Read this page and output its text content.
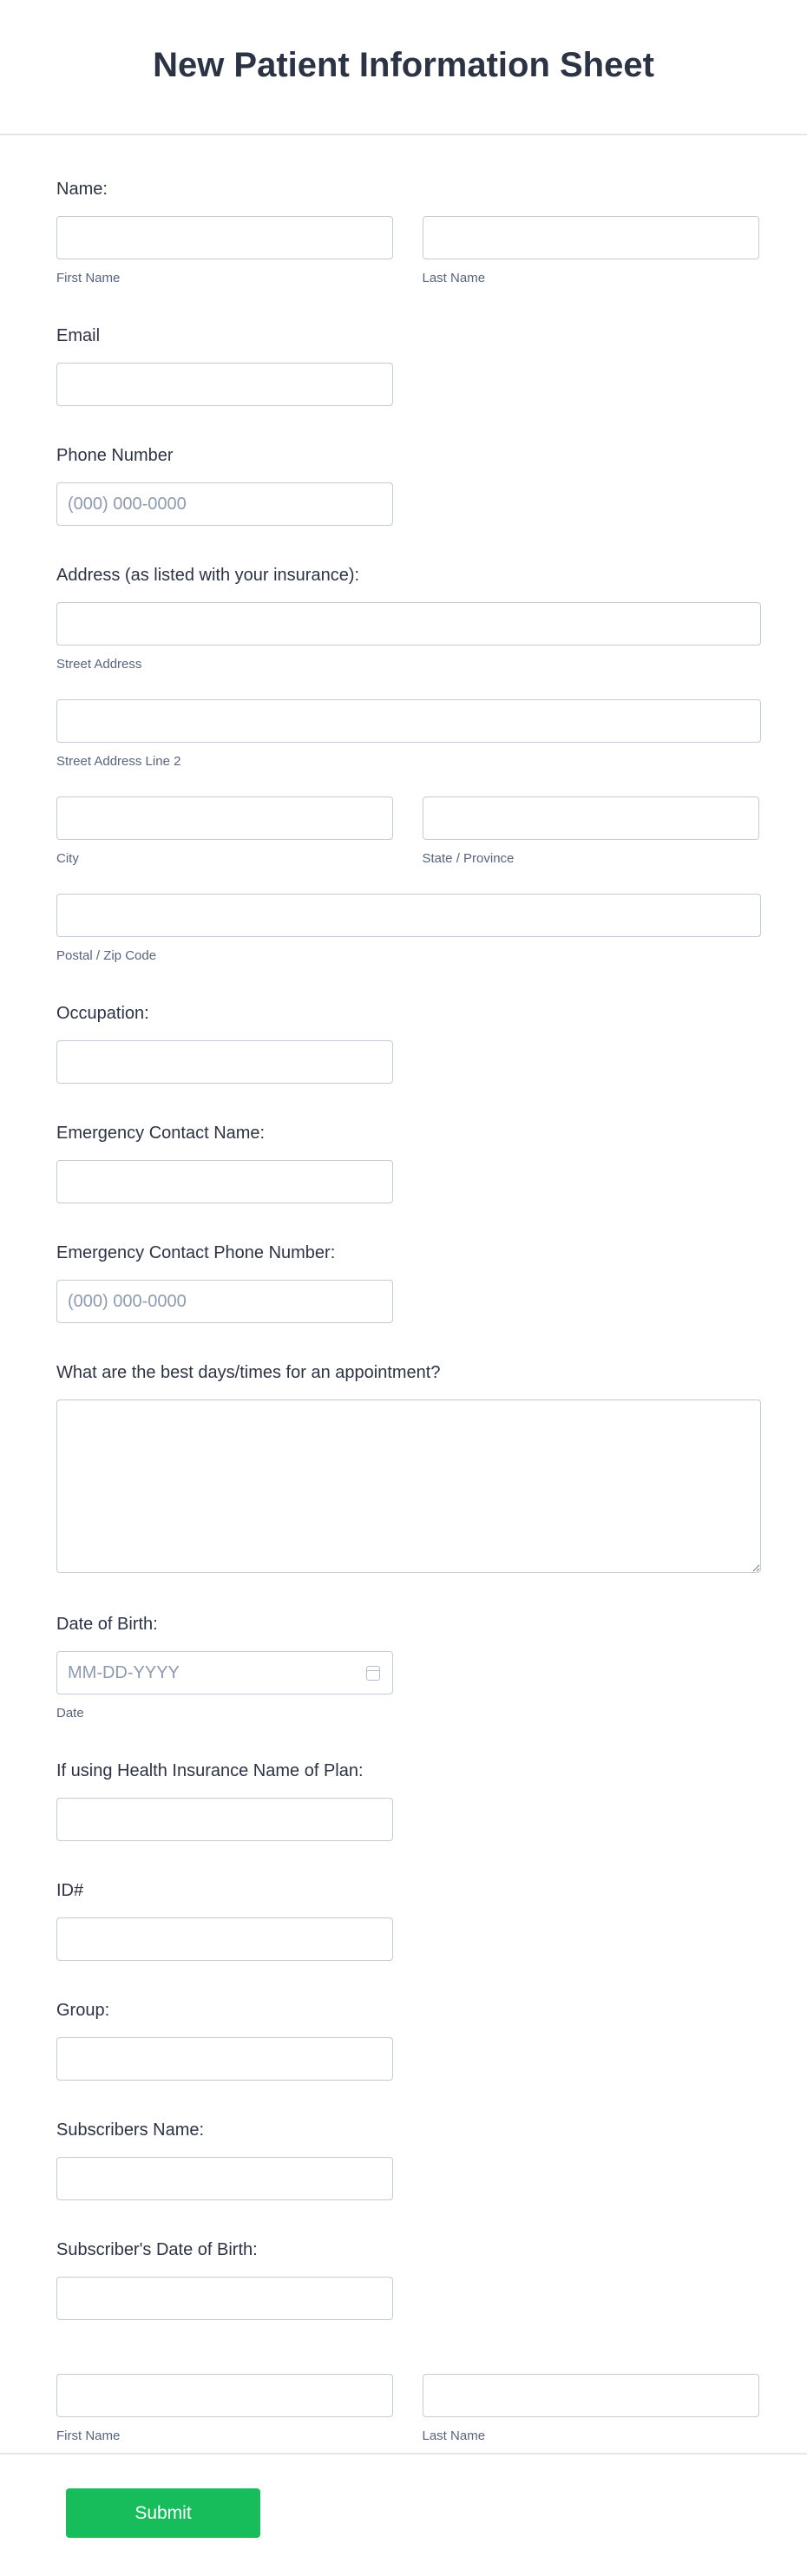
New Patient Information Sheet
Name:
First Name	Last Name
Email
Phone Number
(000) 000-0000
Address (as listed with your insurance):
Street Address
Street Address Line 2
City	State / Province
Postal / Zip Code
Occupation:
Emergency Contact Name:
Emergency Contact Phone Number:
(000) 000-0000
What are the best days/times for an appointment?
Date of Birth:
MM-DD-YYYY
Date
If using Health Insurance Name of Plan:
ID#
Group:
Subscribers Name:
Subscriber's Date of Birth:
First Name	Last Name
Submit
